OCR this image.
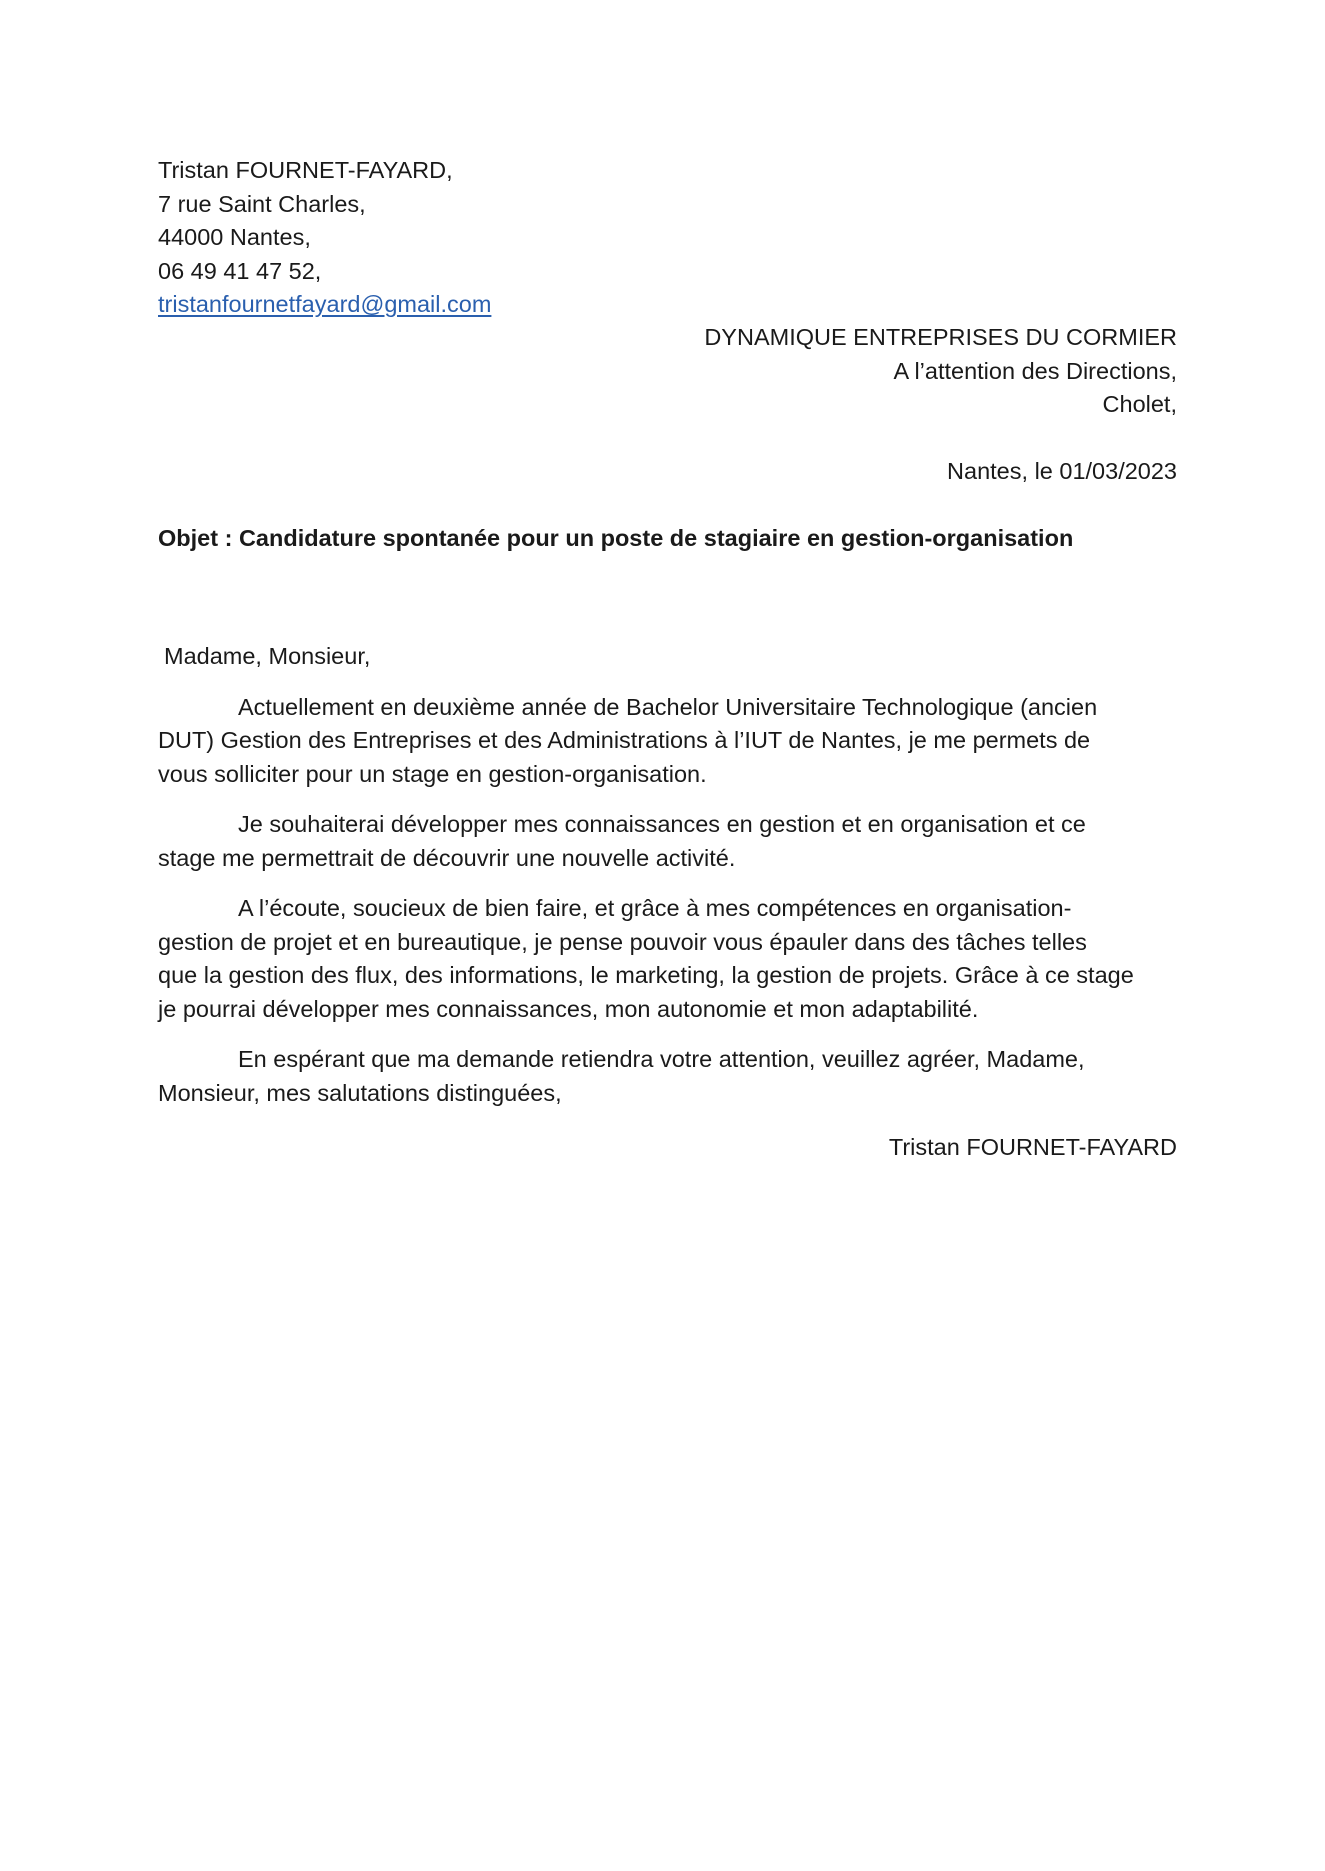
Tristan FOURNET-FAYARD,
7 rue Saint Charles,
44000 Nantes,
06 49 41 47 52,
tristanfournetfayard@gmail.com
DYNAMIQUE ENTREPRISES DU CORMIER
A l’attention des Directions,
Cholet,
Nantes, le 01/03/2023
Objet : Candidature spontanée pour un poste de stagiaire en gestion-organisation
Madame, Monsieur,
Actuellement en deuxième année de Bachelor Universitaire Technologique (ancien
DUT) Gestion des Entreprises et des Administrations à l’IUT de Nantes, je me permets de
vous solliciter pour un stage en gestion-organisation.
Je souhaiterai développer mes connaissances en gestion et en organisation et ce
stage me permettrait de découvrir une nouvelle activité.
A l’écoute, soucieux de bien faire, et grâce à mes compétences en organisation-
gestion de projet et en bureautique, je pense pouvoir vous épauler dans des tâches telles
que la gestion des flux, des informations, le marketing, la gestion de projets. Grâce à ce stage
je pourrai développer mes connaissances, mon autonomie et mon adaptabilité.
En espérant que ma demande retiendra votre attention, veuillez agréer, Madame,
Monsieur, mes salutations distinguées,
Tristan FOURNET-FAYARD
